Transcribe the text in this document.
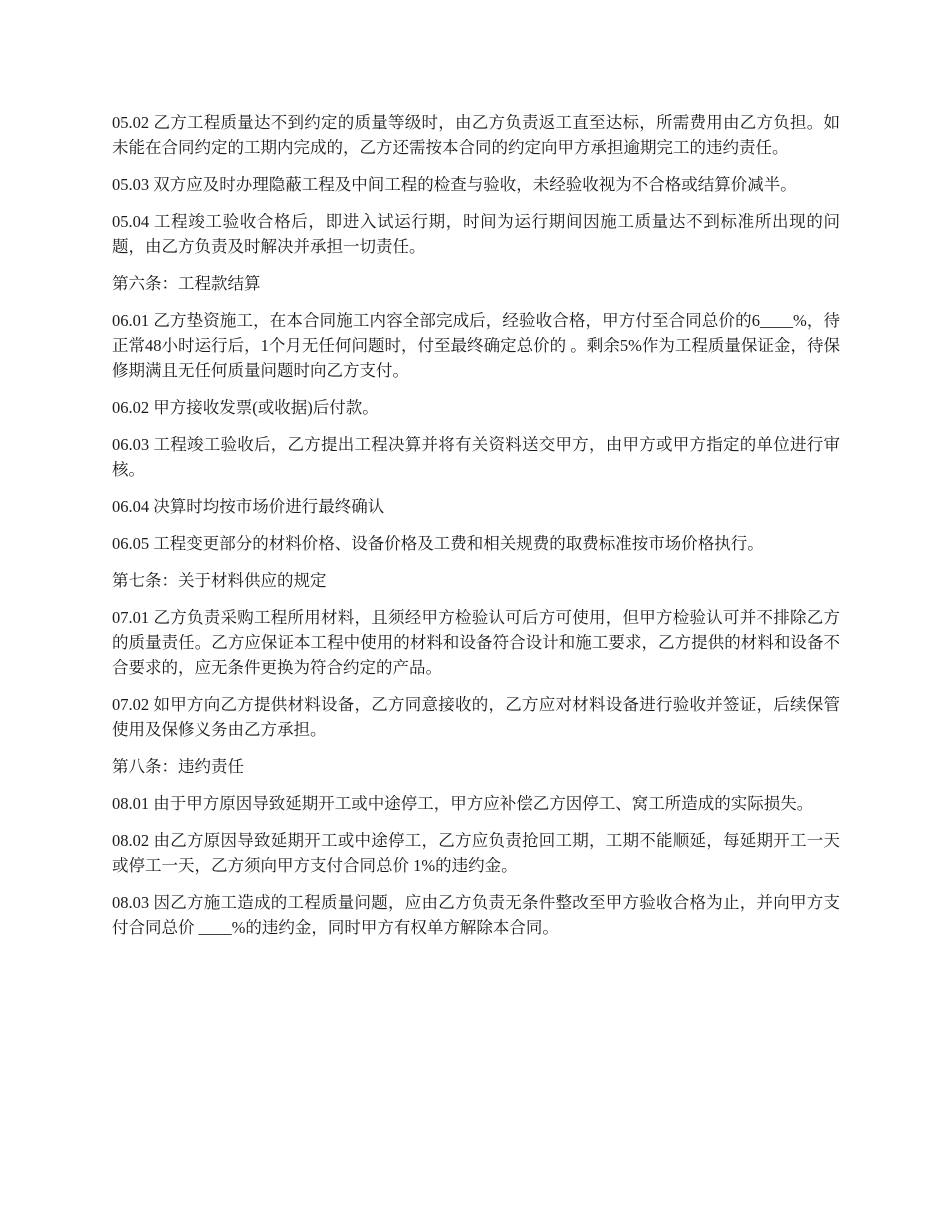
05.02 乙方工程质量达不到约定的质量等级时，由乙方负责返工直至达标，所需费用由乙方负担。如未能在合同约定的工期内完成的，乙方还需按本合同的约定向甲方承担逾期完工的违约责任。

05.03 双方应及时办理隐蔽工程及中间工程的检查与验收，未经验收视为不合格或结算价减半。

05.04 工程竣工验收合格后，即进入试运行期，时间为运行期间因施工质量达不到标准所出现的问题，由乙方负责及时解决并承担一切责任。

第六条：工程款结算

06.01 乙方垫资施工，在本合同施工内容全部完成后，经验收合格，甲方付至合同总价的6____%，待正常48小时运行后，1个月无任何问题时，付至最终确定总价的 。剩余5%作为工程质量保证金，待保修期满且无任何质量问题时向乙方支付。

06.02 甲方接收发票(或收据)后付款。

06.03 工程竣工验收后，乙方提出工程决算并将有关资料送交甲方，由甲方或甲方指定的单位进行审核。

06.04 决算时均按市场价进行最终确认

06.05 工程变更部分的材料价格、设备价格及工费和相关规费的取费标准按市场价格执行。

第七条：关于材料供应的规定

07.01 乙方负责采购工程所用材料，且须经甲方检验认可后方可使用，但甲方检验认可并不排除乙方的质量责任。乙方应保证本工程中使用的材料和设备符合设计和施工要求，乙方提供的材料和设备不合要求的，应无条件更换为符合约定的产品。

07.02 如甲方向乙方提供材料设备，乙方同意接收的，乙方应对材料设备进行验收并签证，后续保管使用及保修义务由乙方承担。

第八条：违约责任

08.01 由于甲方原因导致延期开工或中途停工，甲方应补偿乙方因停工、窝工所造成的实际损失。

08.02 由乙方原因导致延期开工或中途停工，乙方应负责抢回工期，工期不能顺延，每延期开工一天或停工一天，乙方须向甲方支付合同总价 1%的违约金。

08.03 因乙方施工造成的工程质量问题，应由乙方负责无条件整改至甲方验收合格为止，并向甲方支付合同总价 ____%的违约金，同时甲方有权单方解除本合同。
